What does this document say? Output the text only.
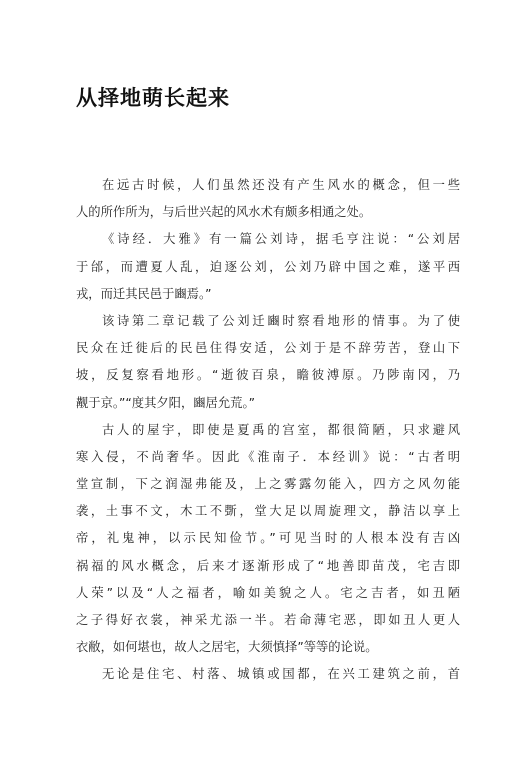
从择地萌长起来
在远古时候，人们虽然还没有产生风水的概念，但一些
人的所作所为，与后世兴起的风水术有颇多相通之处。
《诗经．大雅》有一篇公刘诗，据毛亨注说：“公刘居
于邰，而遭夏人乱，迫逐公刘，公刘乃辟中国之难，遂平西
戎，而迁其民邑于豳焉。”
该诗第二章记载了公刘迁豳时察看地形的情事。为了使
民众在迁徙后的民邑住得安适，公刘于是不辞劳苦，登山下
坡，反复察看地形。“逝彼百泉，瞻彼溥原。乃陟南冈，乃
觏于京。”“度其夕阳，豳居允荒。”
古人的屋宇，即使是夏禹的宫室，都很简陋，只求避风
寒入侵，不尚奢华。因此《淮南子．本经训》说：“古者明
堂宣制，下之润湿弗能及，上之雾露勿能入，四方之风勿能
袭，土事不文，木工不斲，堂大足以周旋理文，静洁以享上
帝，礼鬼神，以示民知俭节。”可见当时的人根本没有吉凶
祸福的风水概念，后来才逐渐形成了“地善即苗茂，宅吉即
人荣”以及“人之福者，喻如美貌之人。宅之吉者，如丑陋
之子得好衣裳，神采尤添一半。若命薄宅恶，即如丑人更人
衣敝，如何堪也，故人之居宅，大须慎择”等等的论说。
无论是住宅、村落、城镇或国都，在兴工建筑之前，首
